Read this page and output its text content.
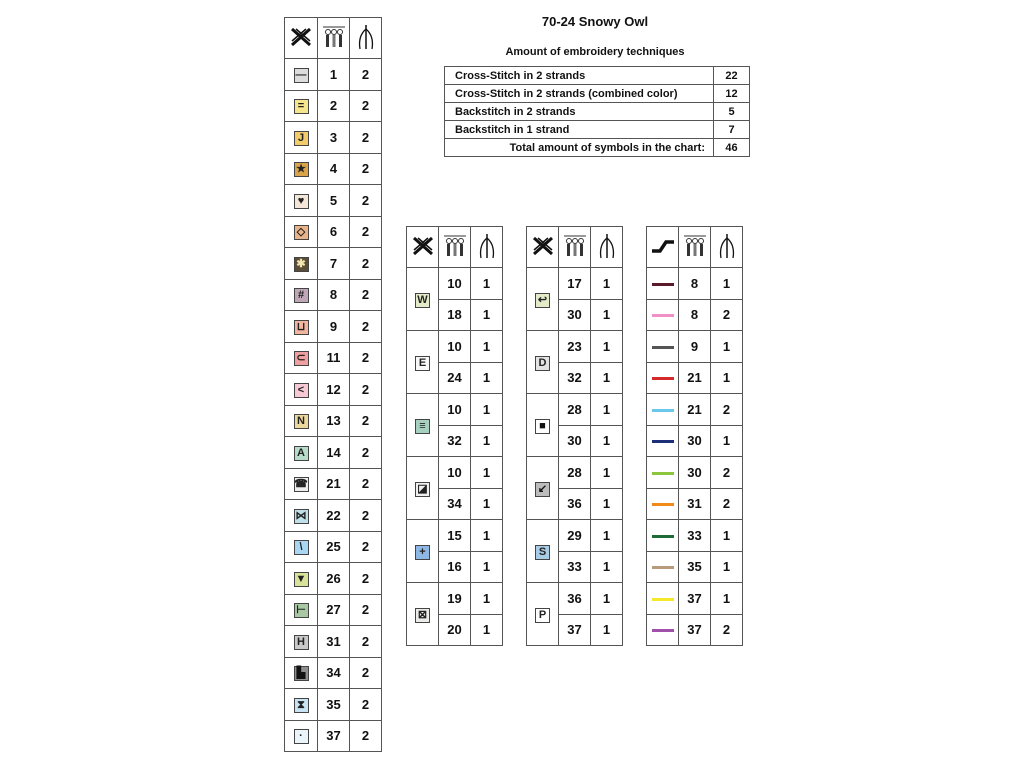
70-24 Snowy Owl
Amount of embroidery techniques
Cross-Stitch in 2 strands	22
Cross-Stitch in 2 strands (combined color)	12
Backstitch in 2 strands	5
Backstitch in 1 strand	7
Total amount of symbols in the chart:	46

—	1	2
=	2	2
J	3	2
★	4	2
♥	5	2
◇	6	2
✱	7	2
#	8	2
⊔	9	2
⊂	11	2
<	12	2
N	13	2
A	14	2
☎	21	2
⋈	22	2
\	25	2
▼	26	2
⊢	27	2
H	31	2
▙	34	2
⧗	35	2
·	37	2

W	10	1
	18	1
E	10	1
	24	1
≡	10	1
	32	1
◪	10	1
	34	1
+	15	1
	16	1
⊠	19	1
	20	1

↩	17	1
	30	1
D	23	1
	32	1
■	28	1
	30	1
↙	28	1
	36	1
S	29	1
	33	1
P	36	1
	37	1

	8	1
	8	2
	9	1
	21	1
	21	2
	30	1
	30	2
	31	2
	33	1
	35	1
	37	1
	37	2
